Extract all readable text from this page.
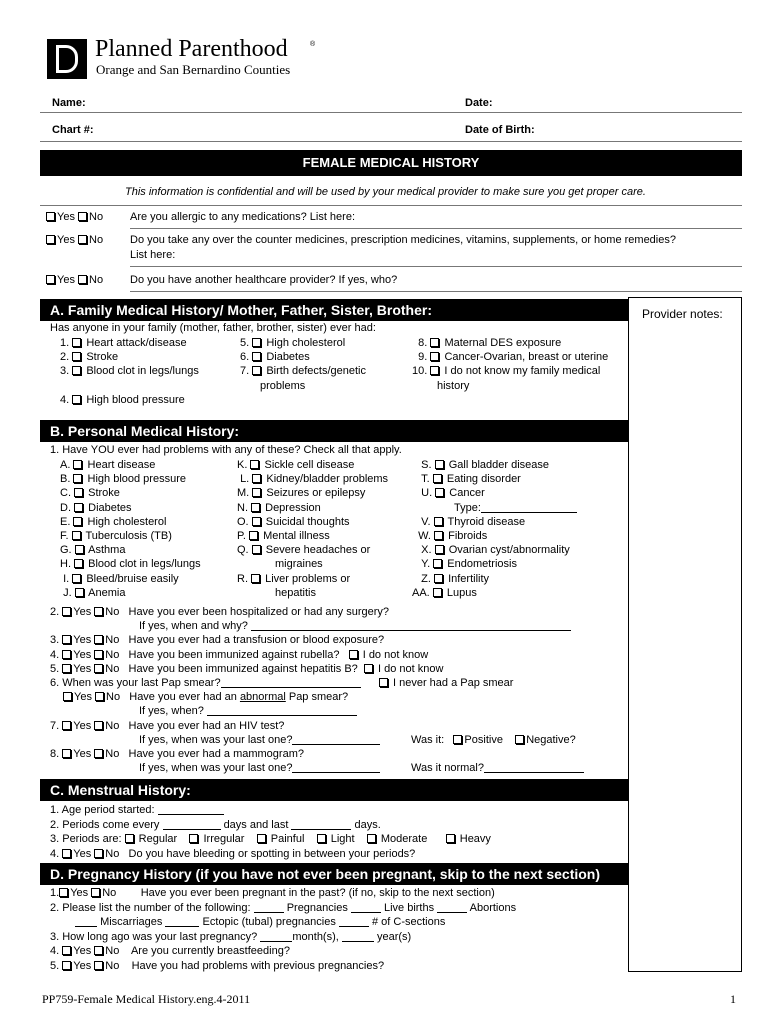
Planned Parenthood	®
Orange and San Bernardino Counties
Name:	Date:
Chart #:	Date of Birth:
FEMALE MEDICAL HISTORY
This information is confidential and will be used by your medical provider to make sure you get proper care.
Yes No Are you allergic to any medications? List here:
Yes No Do you take any over the counter medicines, prescription medicines, vitamins, supplements, or home remedies?
List here:
Yes No Do you have another healthcare provider? If yes, who?
Provider notes:
A. Family Medical History/ Mother, Father, Sister, Brother:
Has anyone in your family (mother, father, brother, sister) ever had:
1. Heart attack/disease
2. Stroke
3. Blood clot in legs/lungs
4. High blood pressure
5. High cholesterol
6. Diabetes
7. Birth defects/genetic
problems
8. Maternal DES exposure
9. Cancer-Ovarian, breast or uterine
10. I do not know my family medical
history
B. Personal Medical History:
1. Have YOU ever had problems with any of these? Check all that apply.
A. Heart disease
B. High blood pressure
C. Stroke
D. Diabetes
E. High cholesterol
F. Tuberculosis (TB)
G. Asthma
H. Blood clot in legs/lungs
I. Bleed/bruise easily
J. Anemia
K. Sickle cell disease
L. Kidney/bladder problems
M. Seizures or epilepsy
N. Depression
O. Suicidal thoughts
P. Mental illness
Q. Severe headaches or
migraines
R. Liver problems or
hepatitis
S. Gall bladder disease
T. Eating disorder
U. Cancer
Type:
V. Thyroid disease
W. Fibroids
X. Ovarian cyst/abnormality
Y. Endometriosis
Z. Infertility
AA. Lupus
2. Yes No Have you ever been hospitalized or had any surgery?
If yes, when and why?
3. Yes No Have you ever had a transfusion or blood exposure?
4. Yes No Have you been immunized against rubella? I do not know
5. Yes No Have you been immunized against hepatitis B? I do not know
6. When was your last Pap smear?	I never had a Pap smear
Yes No Have you ever had an abnormal Pap smear?
If yes, when?
7. Yes No Have you ever had an HIV test?
If yes, when was your last one?	Was it: Positive Negative?
8. Yes No Have you ever had a mammogram?
If yes, when was your last one?	Was it normal?
C. Menstrual History:
1. Age period started:
2. Periods come every	days and last	days.
3. Periods are: Regular Irregular Painful Light Moderate	Heavy
4. Yes No Do you have bleeding or spotting in between your periods?
D. Pregnancy History (if you have not ever been pregnant, skip to the next section)
1. Yes No Have you ever been pregnant in the past? (if no, skip to the next section)
2. Please list the number of the following:	Pregnancies	Live births	Abortions
Miscarriages	Ectopic (tubal) pregnancies	# of C-sections
3. How long ago was your last pregnancy?	month(s),	year(s)
4. Yes No Are you currently breastfeeding?
5. Yes No Have you had problems with previous pregnancies?
PP759-Female Medical History.eng.4-2011	1
